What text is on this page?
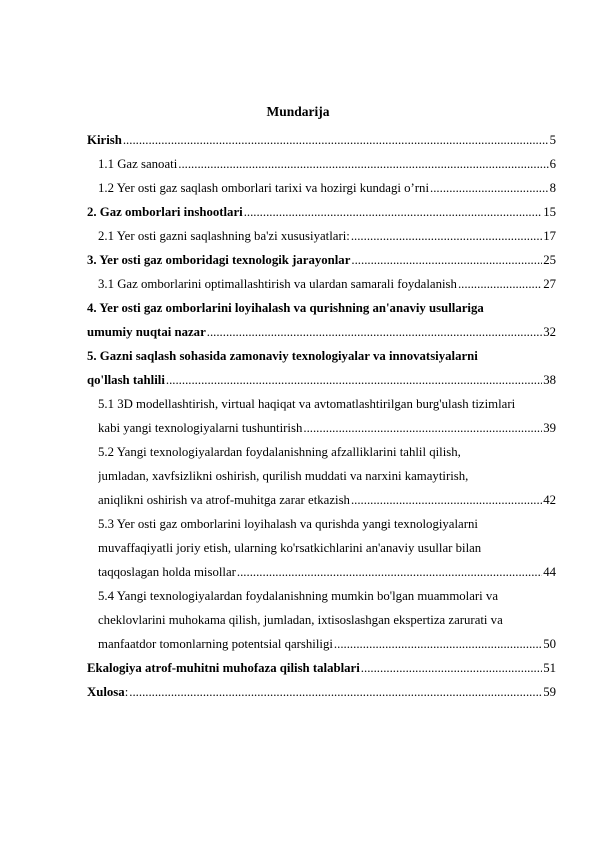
Mundarija
Kirish .....	5
1.1 Gaz sanoati .....	6
1.2 Yer osti gaz saqlash omborlari tarixi va hozirgi kundagi o’rni .....	8
2. Gaz omborlari inshootlari .....	15
2.1 Yer osti gazni saqlashning ba'zi xususiyatlari: .....	17
3. Yer osti gaz omboridagi texnologik jarayonlar .....	25
3.1 Gaz omborlarini optimallashtirish va ulardan samarali foydalanish .....	27
4. Yer osti gaz omborlarini loyihalash va qurishning an'anaviy usullariga
umumiy nuqtai nazar .....	32
5. Gazni saqlash sohasida zamonaviy texnologiyalar va innovatsiyalarni
qo'llash tahlili .....	38
5.1 3D modellashtirish, virtual haqiqat va avtomatlashtirilgan burg'ulash tizimlari
kabi yangi texnologiyalarni tushuntirish .....	39
5.2 Yangi texnologiyalardan foydalanishning afzalliklarini tahlil qilish,
jumladan, xavfsizlikni oshirish, qurilish muddati va narxini kamaytirish,
aniqlikni oshirish va atrof-muhitga zarar etkazish .....	42
5.3 Yer osti gaz omborlarini loyihalash va qurishda yangi texnologiyalarni
muvaffaqiyatli joriy etish, ularning ko'rsatkichlarini an'anaviy usullar bilan
taqqoslagan holda misollar .....	44
5.4 Yangi texnologiyalardan foydalanishning mumkin bo'lgan muammolari va
cheklovlarini muhokama qilish, jumladan, ixtisoslashgan ekspertiza zarurati va
manfaatdor tomonlarning potentsial qarshiligi .....	50
Ekalogiya atrof-muhitni muhofaza qilish talablari .....	51
Xulosa : .....	59
